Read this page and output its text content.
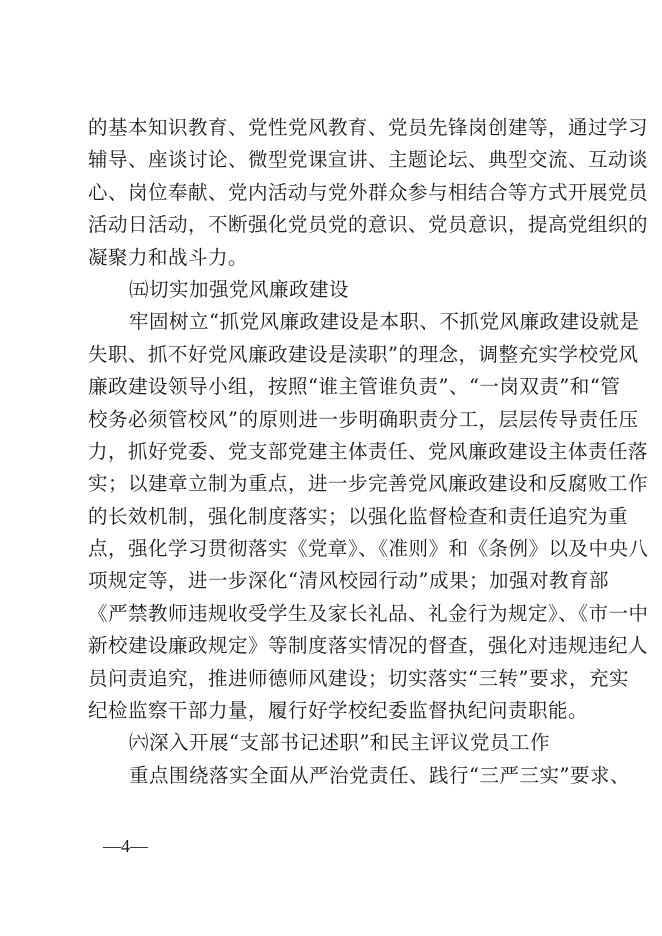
的基本知识教育、党性党风教育、党员先锋岗创建等，通过学习
辅导、座谈讨论、微型党课宣讲、主题论坛、典型交流、互动谈
心、岗位奉献、党内活动与党外群众参与相结合等方式开展党员
活动日活动，不断强化党员党的意识、党员意识，提高党组织的
凝聚力和战斗力。
㈤切实加强党风廉政建设
牢固树立“抓党风廉政建设是本职、不抓党风廉政建设就是
失职、抓不好党风廉政建设是渎职”的理念，调整充实学校党风
廉政建设领导小组，按照“谁主管谁负责”、“一岗双责”和“管
校务必须管校风”的原则进一步明确职责分工，层层传导责任压
力，抓好党委、党支部党建主体责任、党风廉政建设主体责任落
实；以建章立制为重点，进一步完善党风廉政建设和反腐败工作
的长效机制，强化制度落实；以强化监督检查和责任追究为重
点，强化学习贯彻落实《党章》、《准则》和《条例》以及中央八
项规定等，进一步深化“清风校园行动”成果；加强对教育部
《严禁教师违规收受学生及家长礼品、礼金行为规定》、《市一中
新校建设廉政规定》等制度落实情况的督查，强化对违规违纪人
员问责追究，推进师德师风建设；切实落实“三转”要求，充实
纪检监察干部力量，履行好学校纪委监督执纪问责职能。
㈥深入开展“支部书记述职”和民主评议党员工作
重点围绕落实全面从严治党责任、践行“三严三实”要求、
—4—
